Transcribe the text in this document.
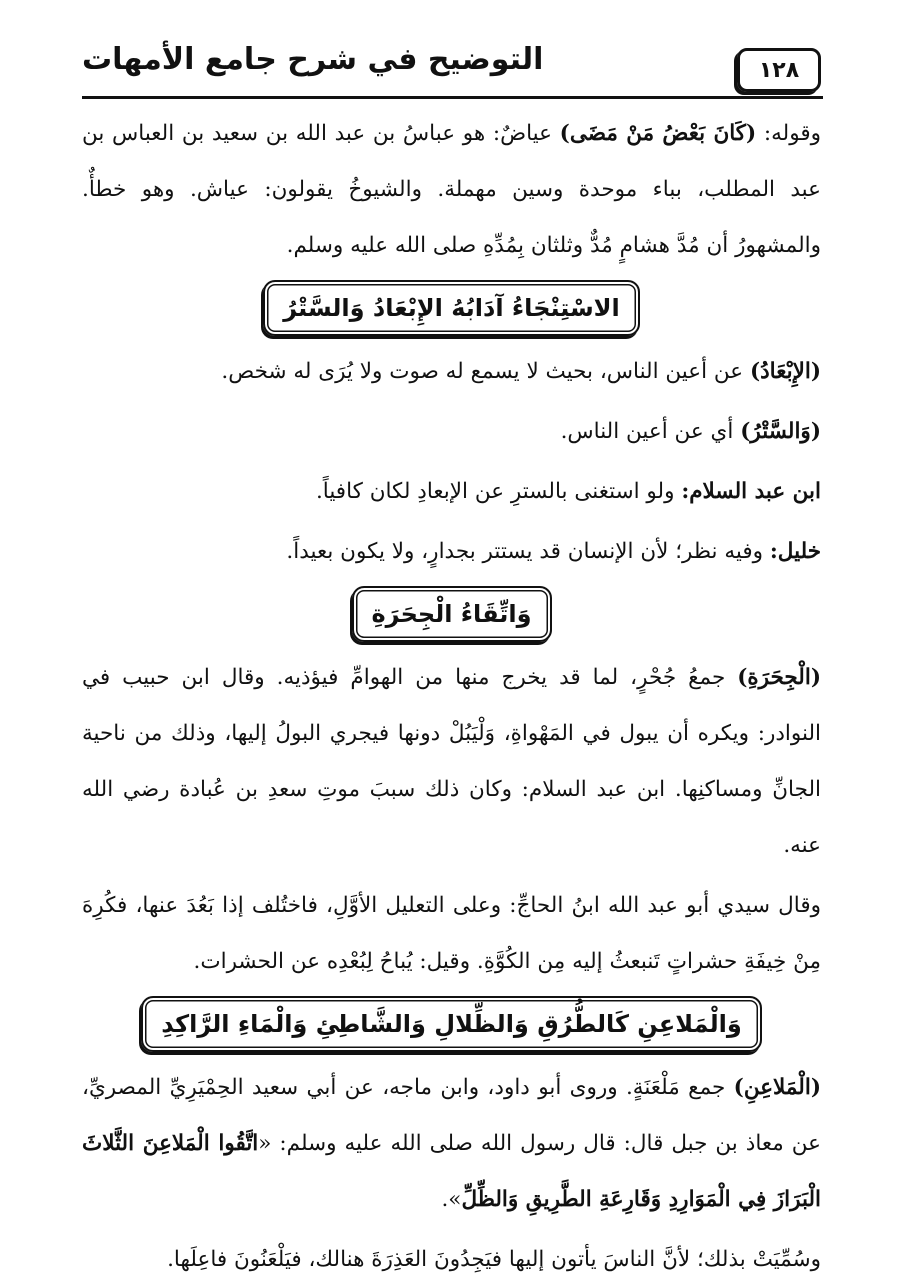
التوضيح في شرح جامع الأمهات	١٢٨

وقوله: (كَانَ بَعْضُ مَنْ مَضَى) عياضٌ: هو عباسُ بن عبد الله بن سعيد بن العباس بن عبد المطلب، بباء موحدة وسين مهملة. والشيوخُ يقولون: عياش. وهو خطأٌ. والمشهورُ أن مُدَّ هشامٍ مُدٌّ وثلثان بِمُدِّهِ صلى الله عليه وسلم.

الاسْتِنْجَاءُ آدَابُهُ الإِبْعَادُ وَالسَّتْرُ

(الإِبْعَادُ) عن أعين الناس، بحيث لا يسمع له صوت ولا يُرَى له شخص.

(وَالسَّتْرُ) أي عن أعين الناس.

ابن عبد السلام: ولو استغنى بالسترِ عن الإبعادِ لكان كافياً.

خليل: وفيه نظر؛ لأن الإنسان قد يستتر بجدارٍ، ولا يكون بعيداً.

وَاتِّقَاءُ الْجِحَرَةِ

(الْجِحَرَةِ) جمعُ جُحْرٍ، لما قد يخرج منها من الهوامِّ فيؤذيه. وقال ابن حبيب في النوادر: ويكره أن يبول في المَهْواةِ، وَلْيَبُلْ دونها فيجري البولُ إليها، وذلك من ناحية الجانِّ ومساكنِها. ابن عبد السلام: وكان ذلك سببَ موتِ سعدِ بن عُبادة رضي الله عنه.

وقال سيدي أبو عبد الله ابنُ الحاجِّ: وعلى التعليل الأوَّلِ، فاختُلف إذا بَعُدَ عنها، فكُرِهَ مِنْ خِيفَةِ حشراتٍ تَنبعثُ إليه مِن الكُوَّةِ. وقيل: يُباحُ لِبُعْدِه عن الحشرات.

وَالْمَلاعِنِ كَالطُّرُقِ وَالظِّلالِ وَالشَّاطِئِ وَالْمَاءِ الرَّاكِدِ

(الْمَلاعِنِ) جمع مَلْعَنَةٍ. وروى أبو داود، وابن ماجه، عن أبي سعيد الحِمْيَرِيِّ المصريِّ، عن معاذ بن جبل قال: قال رسول الله صلى الله عليه وسلم: «اتَّقُوا الْمَلاعِنَ الثَّلاثَ الْبَرَازَ فِي الْمَوَارِدِ وَقَارِعَةِ الطَّرِيقِ وَالظِّلِّ».

وسُمِّيَتْ بذلك؛ لأنَّ الناسَ يأتون إليها فيَجِدُونَ العَذِرَةَ هنالك، فيَلْعَنُونَ فاعِلَها.
